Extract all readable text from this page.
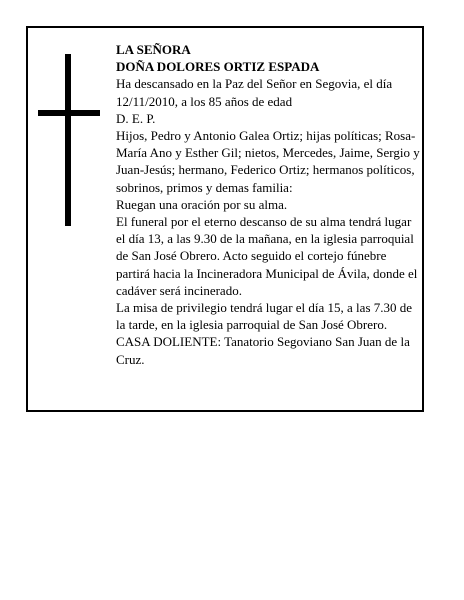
LA SEÑORA

DOÑA DOLORES ORTIZ ESPADA

Ha descansado en la Paz del Señor en Segovia, el día 12/11/2010, a los 85 años de edad

D. E. P.

Hijos, Pedro y Antonio Galea Ortiz; hijas políticas; Rosa-María Ano y Esther Gil; nietos, Mercedes, Jaime, Sergio y Juan-Jesús; hermano, Federico Ortiz; hermanos políticos, sobrinos, primos y demas familia:

Ruegan una oración por su alma.

El funeral por el eterno descanso de su alma tendrá lugar el día 13, a las 9.30 de la mañana, en la iglesia parroquial de San José Obrero. Acto seguido el cortejo fúnebre partirá hacia la Incineradora Municipal de Ávila, donde el cadáver será incinerado.

La misa de privilegio tendrá lugar el día 15, a las 7.30 de la tarde, en la iglesia parroquial de San José Obrero.

CASA DOLIENTE: Tanatorio Segoviano San Juan de la Cruz.
